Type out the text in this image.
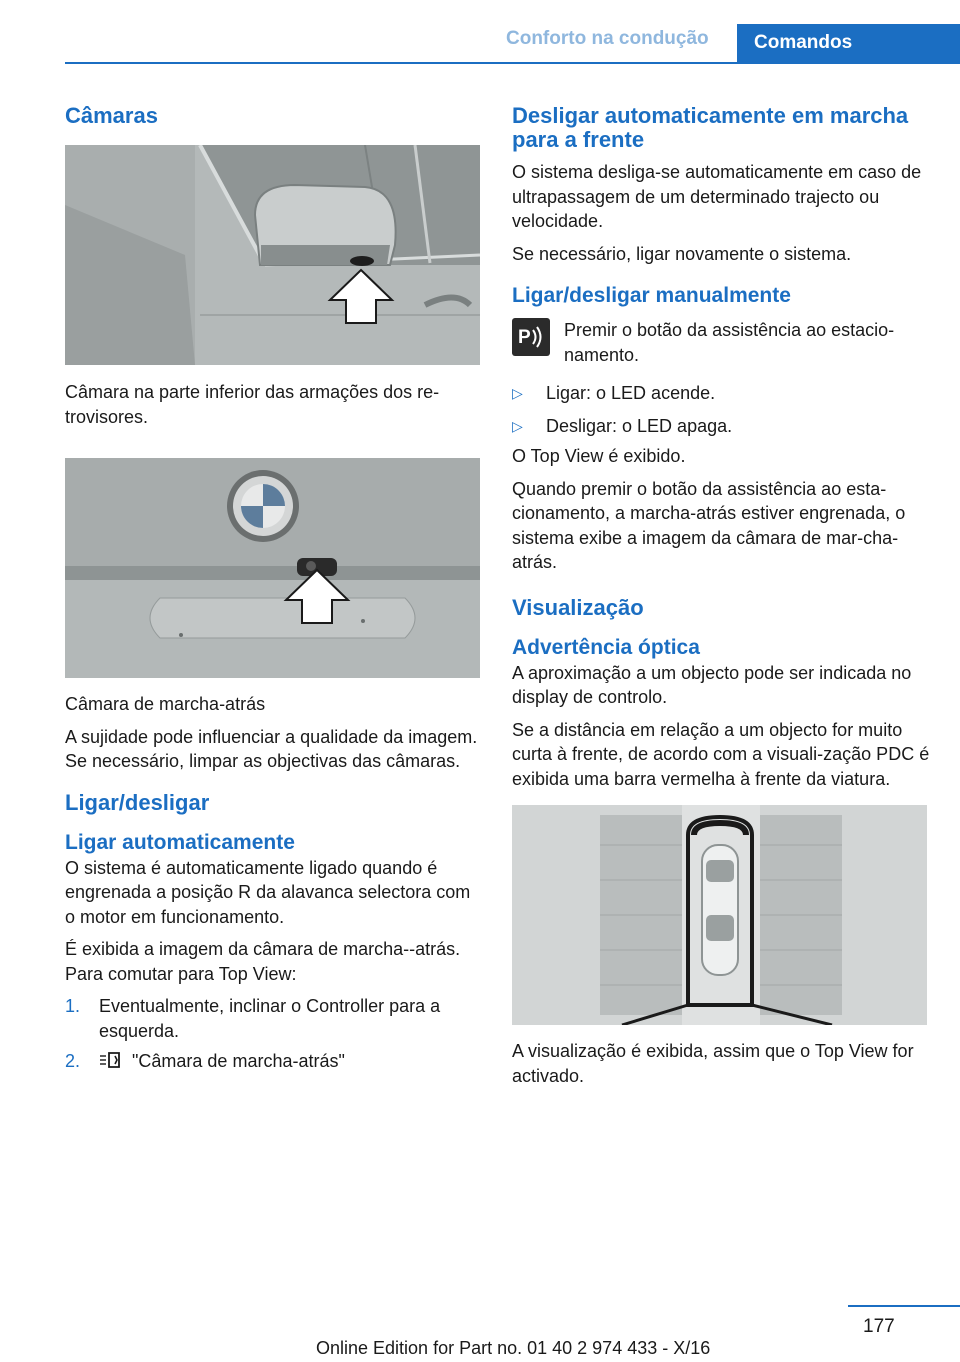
Conforto na condução	Comandos
Câmaras

Câmara na parte inferior das armações dos re‐trovisores.

Câmara de marcha-atrás

A sujidade pode influenciar a qualidade da imagem. Se necessário, limpar as objectivas das câmaras.

Ligar/desligar
Ligar automaticamente

O sistema é automaticamente ligado quando é engrenada a posição R da alavanca selectora com o motor em funcionamento.

É exibida a imagem da câmara de marcha-‐atrás. Para comutar para Top View:

1. Eventualmente, inclinar o Controller para a esquerda.
2.	"Câmara de marcha-atrás"
Desligar automaticamente em marcha para a frente

O sistema desliga-se automaticamente em caso de ultrapassagem de um determinado trajecto ou velocidade.

Se necessário, ligar novamente o sistema.

Ligar/desligar manualmente
P Premir o botão da assistência ao estacio‐namento.

▷ Ligar: o LED acende.
▷ Desligar: o LED apaga.

O Top View é exibido.

Quando premir o botão da assistência ao esta‐cionamento, a marcha-atrás estiver engrenada, o sistema exibe a imagem da câmara de mar‐cha-atrás.

Visualização
Advertência óptica

A aproximação a um objecto pode ser indicada no display de controlo.

Se a distância em relação a um objecto for muito curta à frente, de acordo com a visuali‐zação PDC é exibida uma barra vermelha à frente da viatura.

A visualização é exibida, assim que o Top View for activado.

177
Online Edition for Part no. 01 40 2 974 433 - X/16
